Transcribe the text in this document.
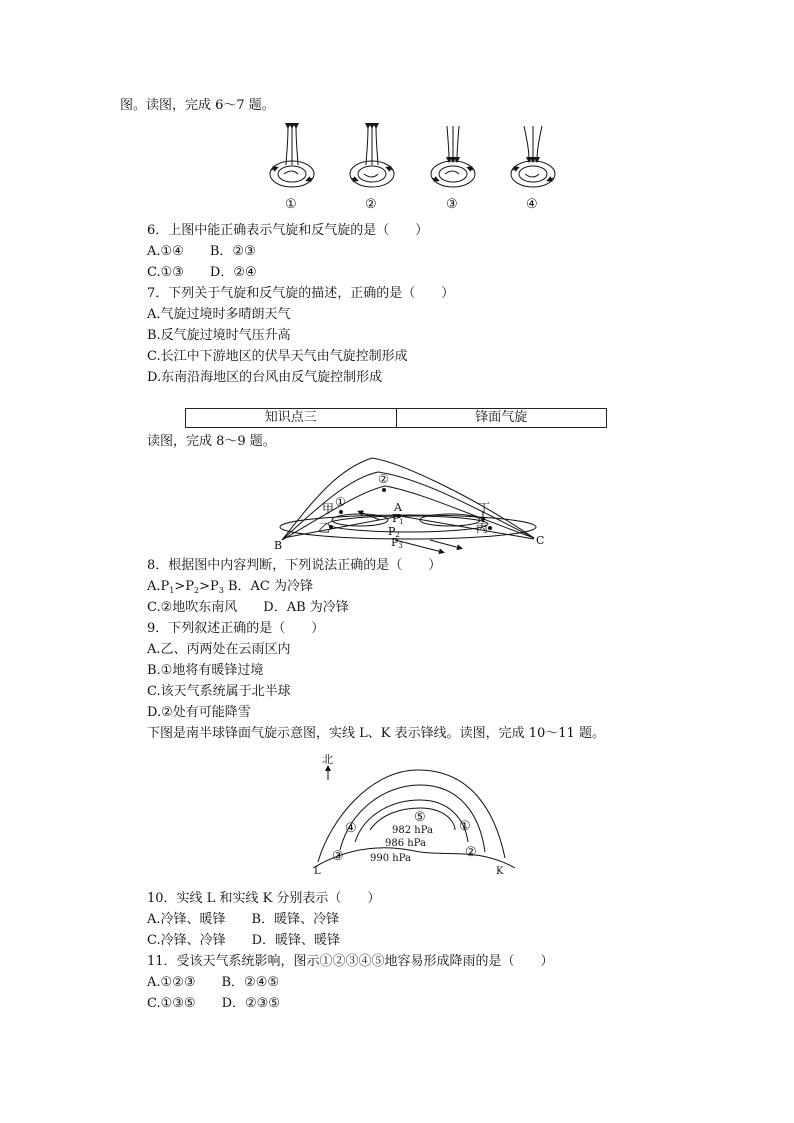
图。读图，完成 6～7 题。
①	②	③	④
6．上图中能正确表示气旋和反气旋的是（　　）
A.①④　　B．②③
C.①③　　D．②④
7．下列关于气旋和反气旋的描述，正确的是（　　）
A.气旋过境时多晴朗天气
B.反气旋过境时气压升高
C.长江中下游地区的伏旱天气由气旋控制形成
D.东南沿海地区的台风由反气旋控制形成
知识点三	锋面气旋
读图，完成 8～9 题。
甲 ①
②
A
P1
P2
P3
乙	丙
丁
B	C
8．根据图中内容判断，下列说法正确的是（　　）
$A.P_1>P_2>P_3$ B．AC 为冷锋
C.②地吹东南风　　D．AB 为冷锋
9．下列叙述正确的是（　　）
A.乙、丙两处在云雨区内
B.①地将有暖锋过境
C.该天气系统属于北半球
D.②处有可能降雪
下图是南半球锋面气旋示意图，实线 L、K 表示锋线。读图，完成 10～11 题。
北
⑤
982 hPa
986 hPa
990 hPa
④	①
③	②
L	K
10．实线 L 和实线 K 分别表示（　　）
A.冷锋、暖锋　　B．暖锋、冷锋
C.冷锋、冷锋　　D．暖锋、暖锋
11．受该天气系统影响，图示①②③④⑤地容易形成降雨的是（　　）
A.①②③　　B．②④⑤
C.①③⑤　　D．②③⑤
